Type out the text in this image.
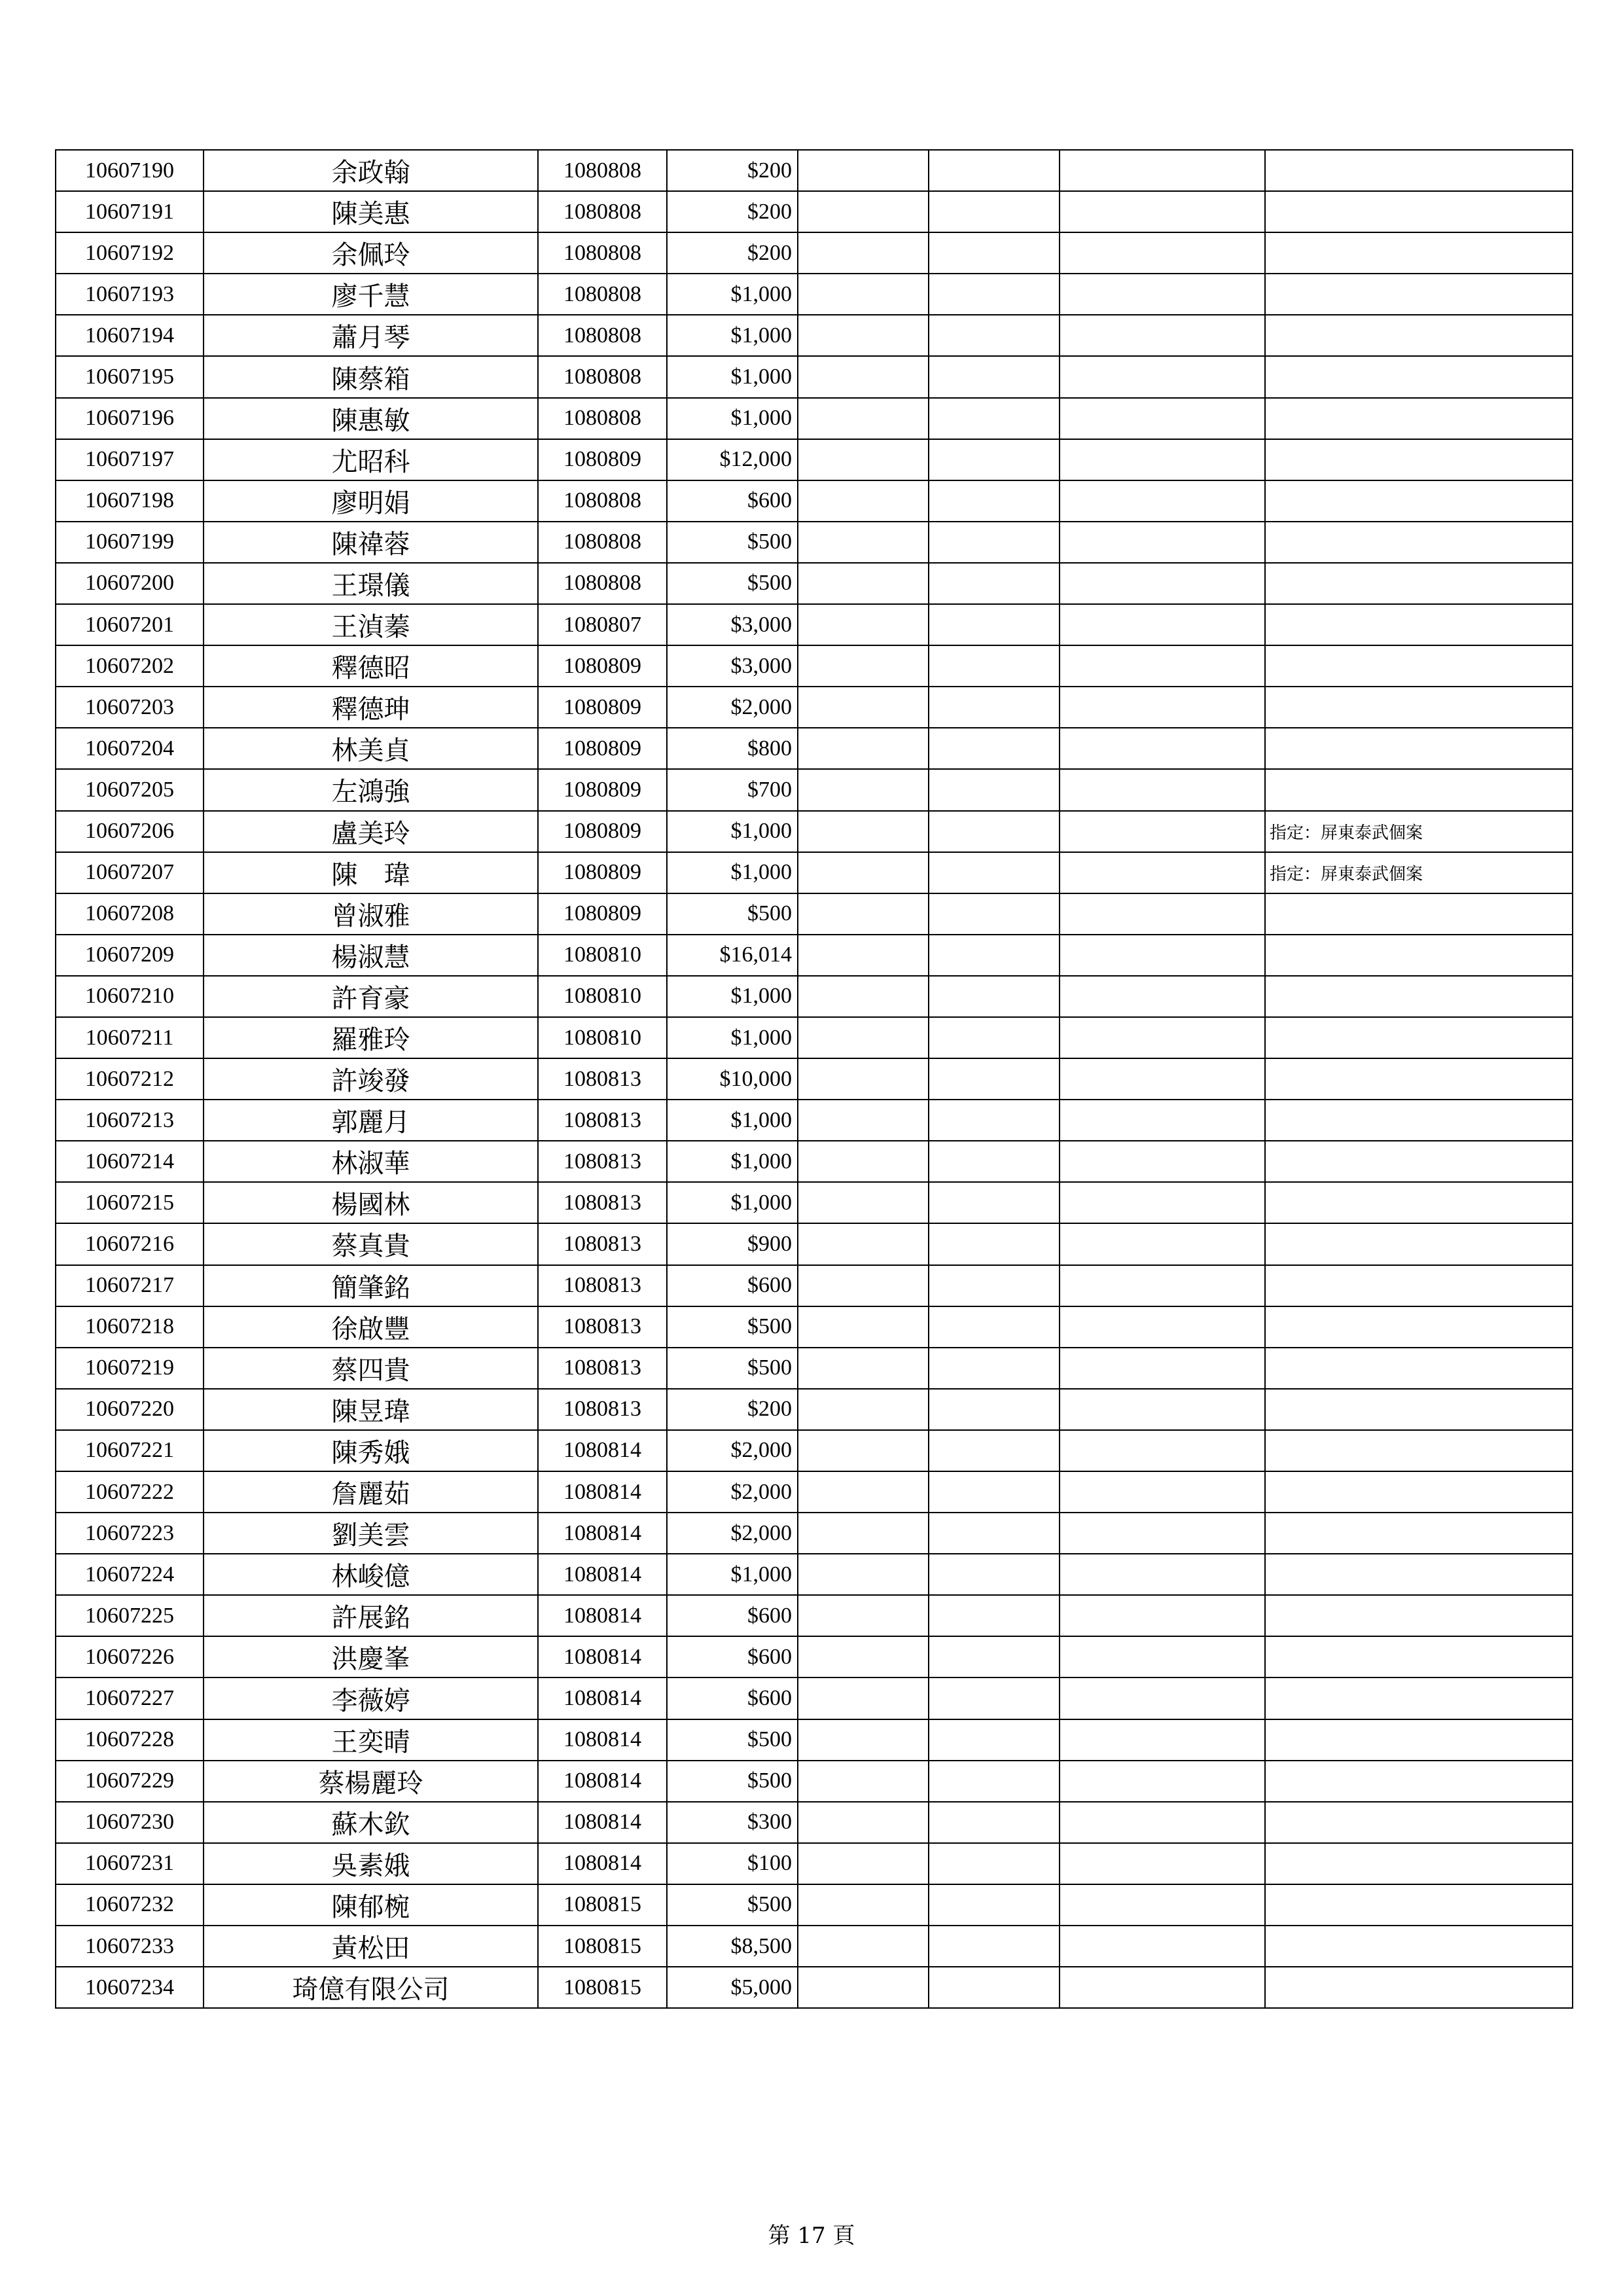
10607190	余政翰	1080808	$200				
10607191	陳美惠	1080808	$200				
10607192	余佩玲	1080808	$200				
10607193	廖千慧	1080808	$1,000				
10607194	蕭月琴	1080808	$1,000				
10607195	陳蔡箱	1080808	$1,000				
10607196	陳惠敏	1080808	$1,000				
10607197	尤昭科	1080809	$12,000				
10607198	廖明娟	1080808	$600				
10607199	陳禕蓉	1080808	$500				
10607200	王璟儀	1080808	$500				
10607201	王湞蓁	1080807	$3,000				
10607202	釋德昭	1080809	$3,000				
10607203	釋德珅	1080809	$2,000				
10607204	林美貞	1080809	$800				
10607205	左鴻強	1080809	$700				
10607206	盧美玲	1080809	$1,000				指定：屏東泰武個案
10607207	陳　瑋	1080809	$1,000				指定：屏東泰武個案
10607208	曾淑雅	1080809	$500				
10607209	楊淑慧	1080810	$16,014				
10607210	許育豪	1080810	$1,000				
10607211	羅雅玲	1080810	$1,000				
10607212	許竣發	1080813	$10,000				
10607213	郭麗月	1080813	$1,000				
10607214	林淑華	1080813	$1,000				
10607215	楊國林	1080813	$1,000				
10607216	蔡真貴	1080813	$900				
10607217	簡肇銘	1080813	$600				
10607218	徐啟豐	1080813	$500				
10607219	蔡四貴	1080813	$500				
10607220	陳昱瑋	1080813	$200				
10607221	陳秀娥	1080814	$2,000				
10607222	詹麗茹	1080814	$2,000				
10607223	劉美雲	1080814	$2,000				
10607224	林峻億	1080814	$1,000				
10607225	許展銘	1080814	$600				
10607226	洪慶峯	1080814	$600				
10607227	李薇婷	1080814	$600				
10607228	王奕晴	1080814	$500				
10607229	蔡楊麗玲	1080814	$500				
10607230	蘇木欽	1080814	$300				
10607231	吳素娥	1080814	$100				
10607232	陳郁椀	1080815	$500				
10607233	黃松田	1080815	$8,500				
10607234	琦億有限公司	1080815	$5,000				
第 17 頁
